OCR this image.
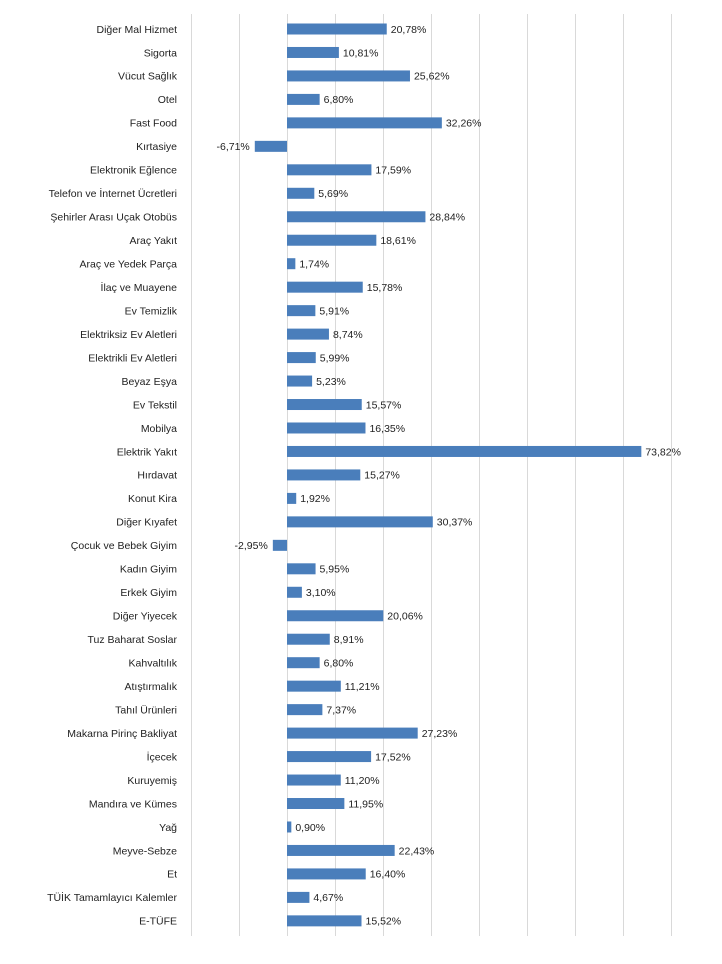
Diğer Mal Hizmet
Sigorta
Vücut Sağlık
Otel
Fast Food
Kırtasiye
Elektronik Eğlence
Telefon ve İnternet Ücretleri
Şehirler Arası Uçak Otobüs
Araç Yakıt
Araç ve Yedek Parça
İlaç ve Muayene
Ev Temizlik
Elektriksiz Ev Aletleri
Elektrikli Ev Aletleri
Beyaz Eşya
Ev Tekstil
Mobilya
Elektrik Yakıt
Hırdavat
Konut Kira
Diğer Kıyafet
Çocuk ve Bebek Giyim
Kadın Giyim
Erkek Giyim
Diğer Yiyecek
Tuz Baharat Soslar
Kahvaltılık
Atıştırmalık
Tahıl Ürünleri
Makarna Pirinç Bakliyat
İçecek
Kuruyemiş
Mandıra ve Kümes
Yağ
Meyve-Sebze
Et
TÜİK Tamamlayıcı Kalemler
E-TÜFE
20,78%
10,81%
25,62%
6,80%
32,26%
-6,71%
17,59%
5,69%
28,84%
18,61%
1,74%
15,78%
5,91%
8,74%
5,99%
5,23%
15,57%
16,35%
73,82%
15,27%
1,92%
30,37%
-2,95%
5,95%
3,10%
20,06%
8,91%
6,80%
11,21%
7,37%
27,23%
17,52%
11,20%
11,95%
0,90%
22,43%
16,40%
4,67%
15,52%
